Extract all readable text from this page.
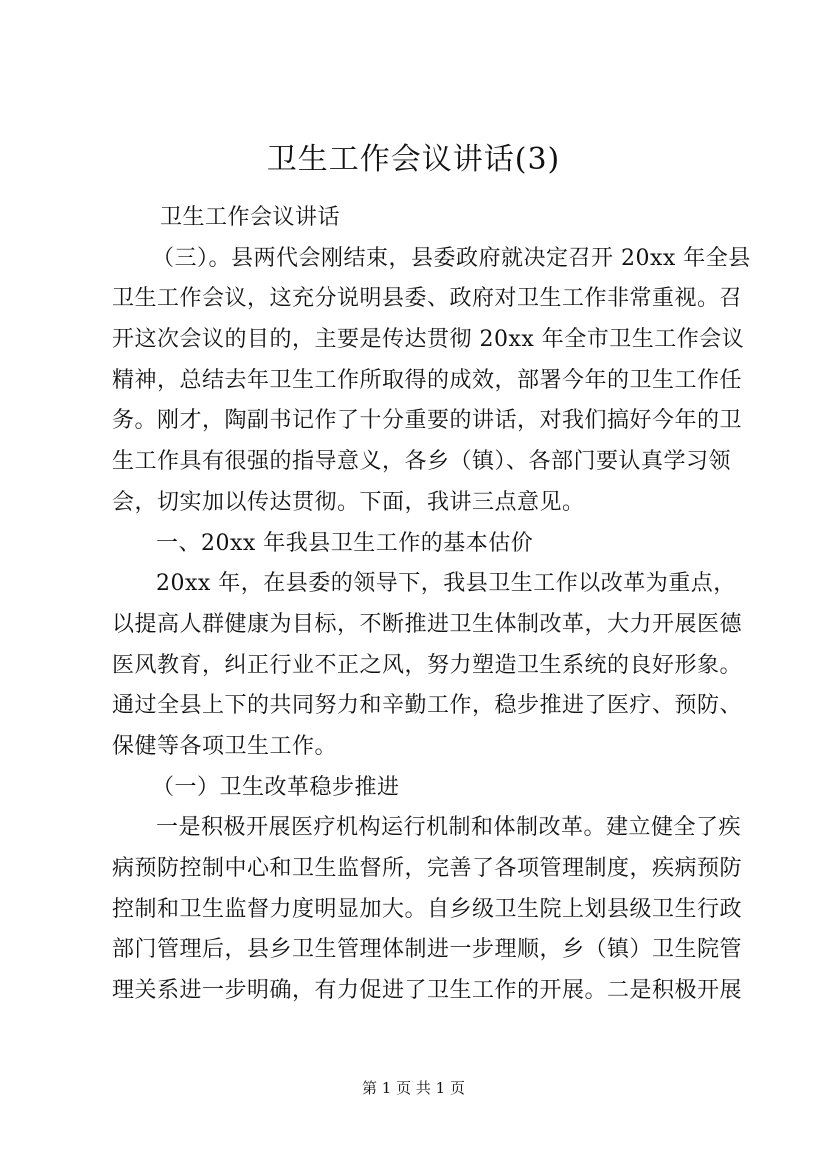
卫生工作会议讲话(3)
卫生工作会议讲话
（三）。县两代会刚结束，县委政府就决定召开 20xx 年全县
卫生工作会议，这充分说明县委、政府对卫生工作非常重视。召
开这次会议的目的，主要是传达贯彻 20xx 年全市卫生工作会议
精神，总结去年卫生工作所取得的成效，部署今年的卫生工作任
务。刚才，陶副书记作了十分重要的讲话，对我们搞好今年的卫
生工作具有很强的指导意义，各乡（镇）、各部门要认真学习领
会，切实加以传达贯彻。下面，我讲三点意见。
一、20xx 年我县卫生工作的基本估价
20xx 年，在县委的领导下，我县卫生工作以改革为重点，
以提高人群健康为目标，不断推进卫生体制改革，大力开展医德
医风教育，纠正行业不正之风，努力塑造卫生系统的良好形象。
通过全县上下的共同努力和辛勤工作，稳步推进了医疗、预防、
保健等各项卫生工作。
（一）卫生改革稳步推进
一是积极开展医疗机构运行机制和体制改革。建立健全了疾
病预防控制中心和卫生监督所，完善了各项管理制度，疾病预防
控制和卫生监督力度明显加大。自乡级卫生院上划县级卫生行政
部门管理后，县乡卫生管理体制进一步理顺，乡（镇）卫生院管
理关系进一步明确，有力促进了卫生工作的开展。二是积极开展
第 1 页 共 1 页
